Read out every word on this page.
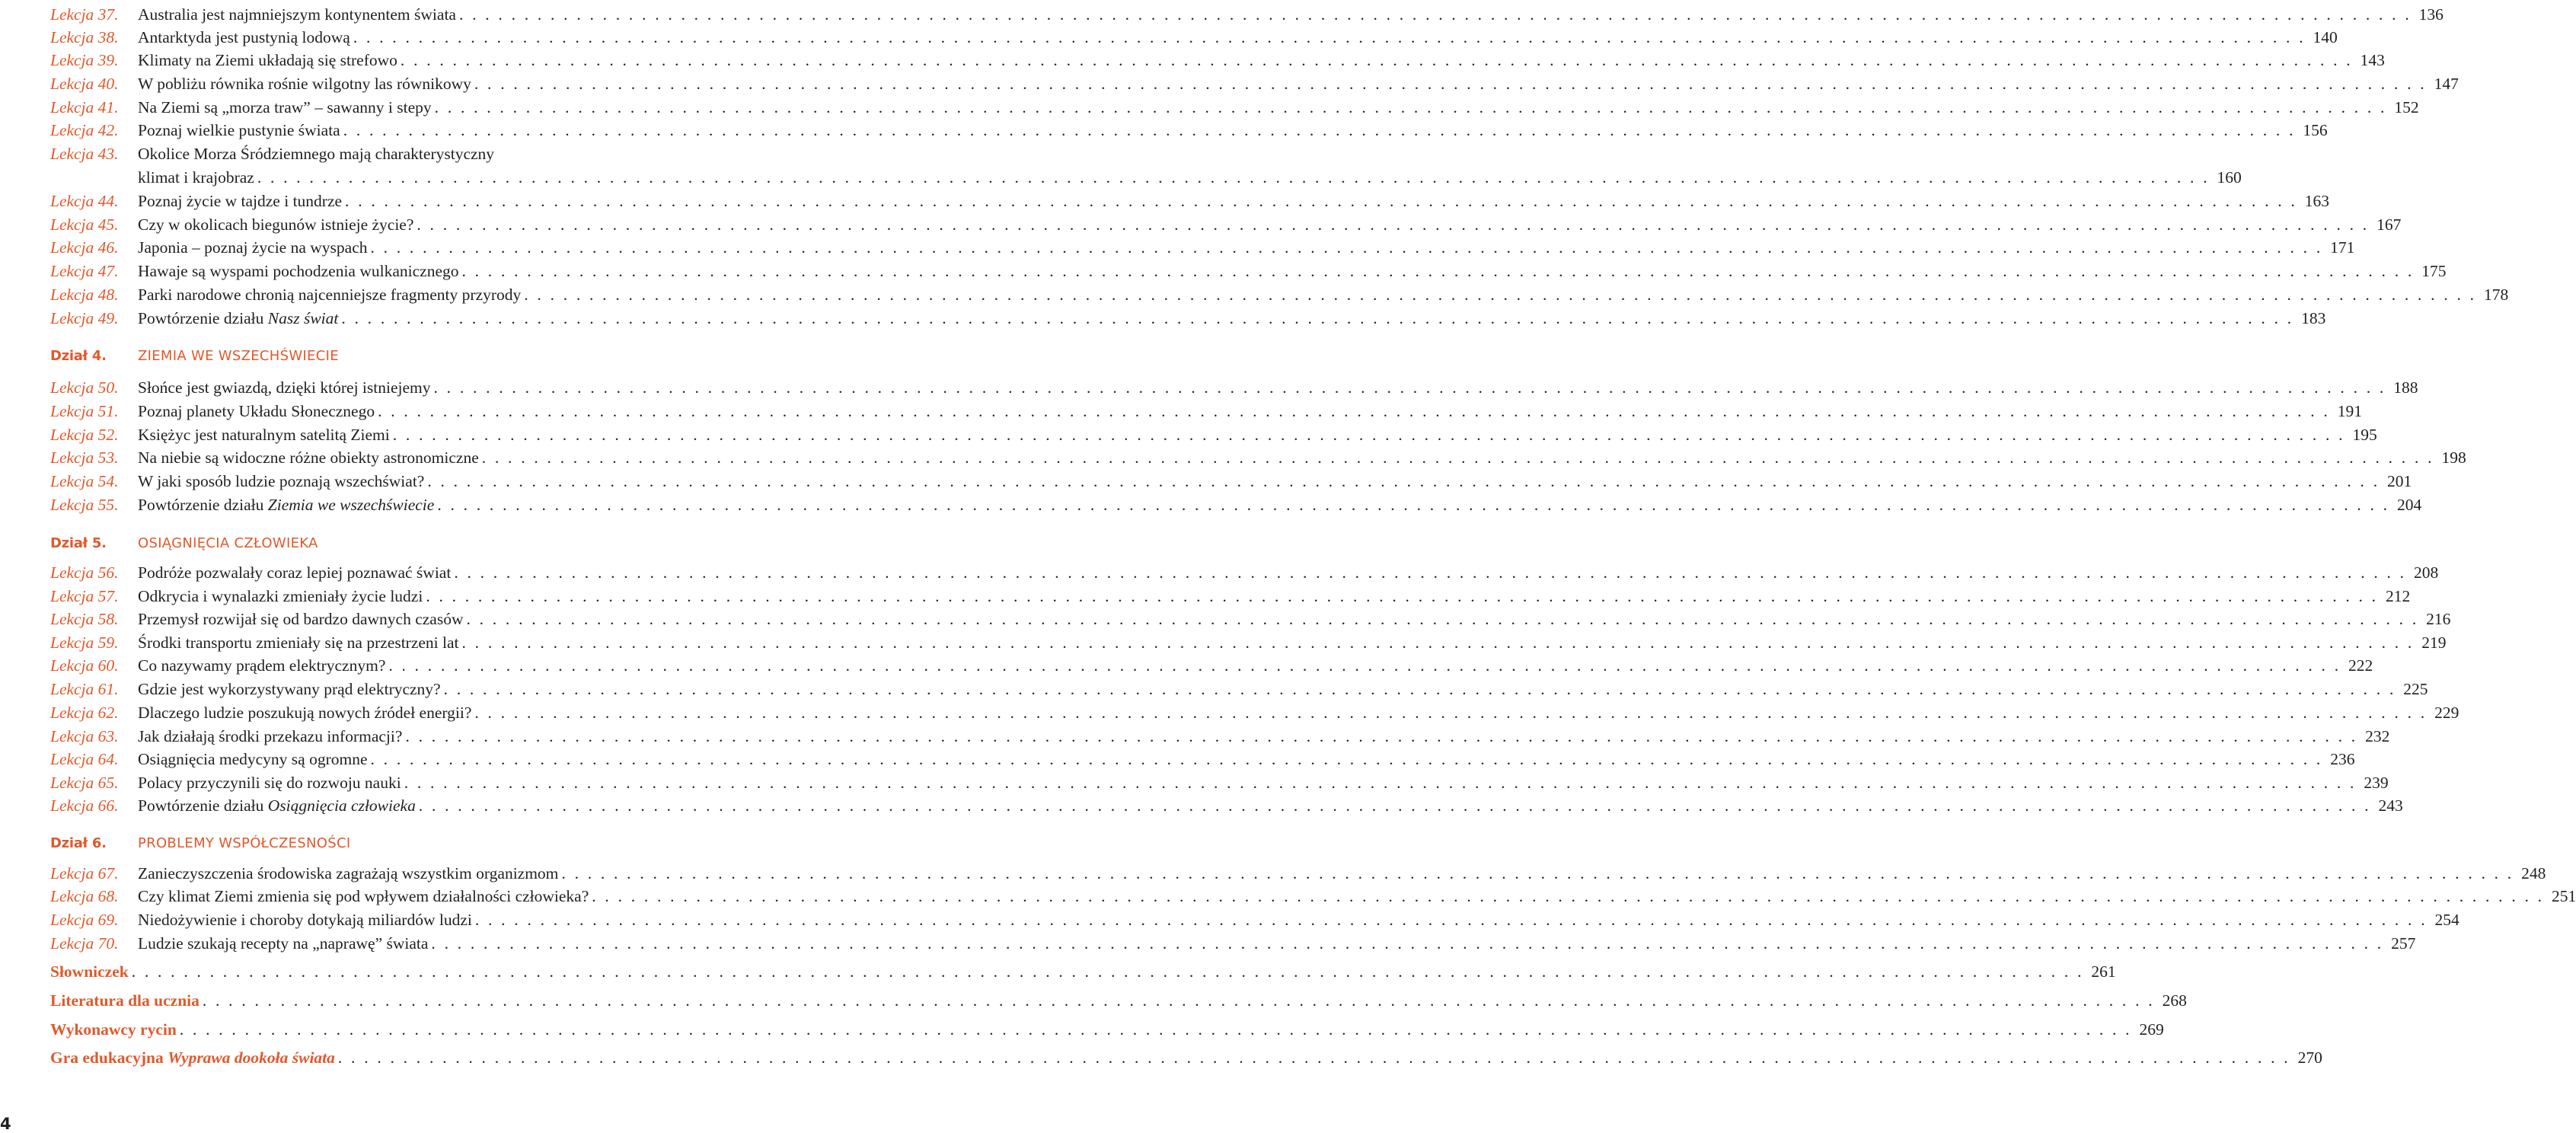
Lekcja 37. Australia jest najmniejszym kontynentem świata . . . . . . . . . . . . . . . . . . . . . . . . . . . . . . . . . . . . . . . . . . . . . . . . . . . . . . . . . . . . . . . . . . . . . . . . . . . . . . . . . . . . . . . . . . . . . . . . . . . . . . . . . . . . . . . . . . . . . . . . . . . . . . . . . . . . . . . . . . . . . . . . . . . . . . 136
Lekcja 38. Antarktyda jest pustynią lodową . . . . . . . . . . . . . . . . . . . . . . . . . . . . . . . . . . . . . . . . . . . . . . . . . . . . . . . . . . . . . . . . . . . . . . . . . . . . . . . . . . . . . . . . . . . . . . . . . . . . . . . . . . . . . . . . . . . . . . . . . . . . . . . . . . . . . . . . . . . . . . . . . . . . . . 140
Lekcja 39. Klimaty na Ziemi układają się strefowo . . . . . . . . . . . . . . . . . . . . . . . . . . . . . . . . . . . . . . . . . . . . . . . . . . . . . . . . . . . . . . . . . . . . . . . . . . . . . . . . . . . . . . . . . . . . . . . . . . . . . . . . . . . . . . . . . . . . . . . . . . . . . . . . . . . . . . . . . . . . . . . . . . . . . . 143
Lekcja 40. W pobliżu równika rośnie wilgotny las równikowy . . . . . . . . . . . . . . . . . . . . . . . . . . . . . . . . . . . . . . . . . . . . . . . . . . . . . . . . . . . . . . . . . . . . . . . . . . . . . . . . . . . . . . . . . . . . . . . . . . . . . . . . . . . . . . . . . . . . . . . . . . . . . . . . . . . . . . . . . . . . . . . . . . . . . . 147
Lekcja 41. Na Ziemi są „morza traw” – sawanny i stepy . . . . . . . . . . . . . . . . . . . . . . . . . . . . . . . . . . . . . . . . . . . . . . . . . . . . . . . . . . . . . . . . . . . . . . . . . . . . . . . . . . . . . . . . . . . . . . . . . . . . . . . . . . . . . . . . . . . . . . . . . . . . . . . . . . . . . . . . . . . . . . . . . . . . . . 152
Lekcja 42. Poznaj wielkie pustynie świata . . . . . . . . . . . . . . . . . . . . . . . . . . . . . . . . . . . . . . . . . . . . . . . . . . . . . . . . . . . . . . . . . . . . . . . . . . . . . . . . . . . . . . . . . . . . . . . . . . . . . . . . . . . . . . . . . . . . . . . . . . . . . . . . . . . . . . . . . . . . . . . . . . . . . . 156
Lekcja 43. Okolice Morza Śródziemnego mają charakterystyczny
klimat i krajobraz . . . . . . . . . . . . . . . . . . . . . . . . . . . . . . . . . . . . . . . . . . . . . . . . . . . . . . . . . . . . . . . . . . . . . . . . . . . . . . . . . . . . . . . . . . . . . . . . . . . . . . . . . . . . . . . . . . . . . . . . . . . . . . . . . . . . . . . . . . . . . . . . . . . . . . 160
Lekcja 44. Poznaj życie w tajdze i tundrze . . . . . . . . . . . . . . . . . . . . . . . . . . . . . . . . . . . . . . . . . . . . . . . . . . . . . . . . . . . . . . . . . . . . . . . . . . . . . . . . . . . . . . . . . . . . . . . . . . . . . . . . . . . . . . . . . . . . . . . . . . . . . . . . . . . . . . . . . . . . . . . . . . . . . . 163
Lekcja 45. Czy w okolicach biegunów istnieje życie? . . . . . . . . . . . . . . . . . . . . . . . . . . . . . . . . . . . . . . . . . . . . . . . . . . . . . . . . . . . . . . . . . . . . . . . . . . . . . . . . . . . . . . . . . . . . . . . . . . . . . . . . . . . . . . . . . . . . . . . . . . . . . . . . . . . . . . . . . . . . . . . . . . . . . . 167
Lekcja 46. Japonia – poznaj życie na wyspach . . . . . . . . . . . . . . . . . . . . . . . . . . . . . . . . . . . . . . . . . . . . . . . . . . . . . . . . . . . . . . . . . . . . . . . . . . . . . . . . . . . . . . . . . . . . . . . . . . . . . . . . . . . . . . . . . . . . . . . . . . . . . . . . . . . . . . . . . . . . . . . . . . . . . . 171
Lekcja 47. Hawaje są wyspami pochodzenia wulkanicznego . . . . . . . . . . . . . . . . . . . . . . . . . . . . . . . . . . . . . . . . . . . . . . . . . . . . . . . . . . . . . . . . . . . . . . . . . . . . . . . . . . . . . . . . . . . . . . . . . . . . . . . . . . . . . . . . . . . . . . . . . . . . . . . . . . . . . . . . . . . . . . . . . . . . . . 175
Lekcja 48. Parki narodowe chronią najcenniejsze fragmenty przyrody . . . . . . . . . . . . . . . . . . . . . . . . . . . . . . . . . . . . . . . . . . . . . . . . . . . . . . . . . . . . . . . . . . . . . . . . . . . . . . . . . . . . . . . . . . . . . . . . . . . . . . . . . . . . . . . . . . . . . . . . . . . . . . . . . . . . . . . . . . . . . . . . . . . . . . 178
Lekcja 49. Powtórzenie działu Nasz świat . . . . . . . . . . . . . . . . . . . . . . . . . . . . . . . . . . . . . . . . . . . . . . . . . . . . . . . . . . . . . . . . . . . . . . . . . . . . . . . . . . . . . . . . . . . . . . . . . . . . . . . . . . . . . . . . . . . . . . . . . . . . . . . . . . . . . . . . . . . . . . . . . . . . . . 183
Dział 4. ZIEMIA WE WSZECHŚWIECIE
Lekcja 50. Słońce jest gwiazdą, dzięki której istniejemy . . . . . . . . . . . . . . . . . . . . . . . . . . . . . . . . . . . . . . . . . . . . . . . . . . . . . . . . . . . . . . . . . . . . . . . . . . . . . . . . . . . . . . . . . . . . . . . . . . . . . . . . . . . . . . . . . . . . . . . . . . . . . . . . . . . . . . . . . . . . . . . . . . . . . . 188
Lekcja 51. Poznaj planety Układu Słonecznego . . . . . . . . . . . . . . . . . . . . . . . . . . . . . . . . . . . . . . . . . . . . . . . . . . . . . . . . . . . . . . . . . . . . . . . . . . . . . . . . . . . . . . . . . . . . . . . . . . . . . . . . . . . . . . . . . . . . . . . . . . . . . . . . . . . . . . . . . . . . . . . . . . . . . . 191
Lekcja 52. Księżyc jest naturalnym satelitą Ziemi . . . . . . . . . . . . . . . . . . . . . . . . . . . . . . . . . . . . . . . . . . . . . . . . . . . . . . . . . . . . . . . . . . . . . . . . . . . . . . . . . . . . . . . . . . . . . . . . . . . . . . . . . . . . . . . . . . . . . . . . . . . . . . . . . . . . . . . . . . . . . . . . . . . . . . 195
Lekcja 53. Na niebie są widoczne różne obiekty astronomiczne . . . . . . . . . . . . . . . . . . . . . . . . . . . . . . . . . . . . . . . . . . . . . . . . . . . . . . . . . . . . . . . . . . . . . . . . . . . . . . . . . . . . . . . . . . . . . . . . . . . . . . . . . . . . . . . . . . . . . . . . . . . . . . . . . . . . . . . . . . . . . . . . . . . . . . 198
Lekcja 54. W jaki sposób ludzie poznają wszechświat? . . . . . . . . . . . . . . . . . . . . . . . . . . . . . . . . . . . . . . . . . . . . . . . . . . . . . . . . . . . . . . . . . . . . . . . . . . . . . . . . . . . . . . . . . . . . . . . . . . . . . . . . . . . . . . . . . . . . . . . . . . . . . . . . . . . . . . . . . . . . . . . . . . . . . . 201
Lekcja 55. Powtórzenie działu Ziemia we wszechświecie . . . . . . . . . . . . . . . . . . . . . . . . . . . . . . . . . . . . . . . . . . . . . . . . . . . . . . . . . . . . . . . . . . . . . . . . . . . . . . . . . . . . . . . . . . . . . . . . . . . . . . . . . . . . . . . . . . . . . . . . . . . . . . . . . . . . . . . . . . . . . . . . . . . . . . 204
Dział 5. OSIĄGNIĘCIA CZŁOWIEKA
Lekcja 56. Podróże pozwalały coraz lepiej poznawać świat . . . . . . . . . . . . . . . . . . . . . . . . . . . . . . . . . . . . . . . . . . . . . . . . . . . . . . . . . . . . . . . . . . . . . . . . . . . . . . . . . . . . . . . . . . . . . . . . . . . . . . . . . . . . . . . . . . . . . . . . . . . . . . . . . . . . . . . . . . . . . . . . . . . . . . 208
Lekcja 57. Odkrycia i wynalazki zmieniały życie ludzi . . . . . . . . . . . . . . . . . . . . . . . . . . . . . . . . . . . . . . . . . . . . . . . . . . . . . . . . . . . . . . . . . . . . . . . . . . . . . . . . . . . . . . . . . . . . . . . . . . . . . . . . . . . . . . . . . . . . . . . . . . . . . . . . . . . . . . . . . . . . . . . . . . . . . . 212
Lekcja 58. Przemysł rozwijał się od bardzo dawnych czasów . . . . . . . . . . . . . . . . . . . . . . . . . . . . . . . . . . . . . . . . . . . . . . . . . . . . . . . . . . . . . . . . . . . . . . . . . . . . . . . . . . . . . . . . . . . . . . . . . . . . . . . . . . . . . . . . . . . . . . . . . . . . . . . . . . . . . . . . . . . . . . . . . . . . . . 216
Lekcja 59. Środki transportu zmieniały się na przestrzeni lat . . . . . . . . . . . . . . . . . . . . . . . . . . . . . . . . . . . . . . . . . . . . . . . . . . . . . . . . . . . . . . . . . . . . . . . . . . . . . . . . . . . . . . . . . . . . . . . . . . . . . . . . . . . . . . . . . . . . . . . . . . . . . . . . . . . . . . . . . . . . . . . . . . . . . . 219
Lekcja 60. Co nazywamy prądem elektrycznym? . . . . . . . . . . . . . . . . . . . . . . . . . . . . . . . . . . . . . . . . . . . . . . . . . . . . . . . . . . . . . . . . . . . . . . . . . . . . . . . . . . . . . . . . . . . . . . . . . . . . . . . . . . . . . . . . . . . . . . . . . . . . . . . . . . . . . . . . . . . . . . . . . . . . . . 222
Lekcja 61. Gdzie jest wykorzystywany prąd elektryczny? . . . . . . . . . . . . . . . . . . . . . . . . . . . . . . . . . . . . . . . . . . . . . . . . . . . . . . . . . . . . . . . . . . . . . . . . . . . . . . . . . . . . . . . . . . . . . . . . . . . . . . . . . . . . . . . . . . . . . . . . . . . . . . . . . . . . . . . . . . . . . . . . . . . . . . 225
Lekcja 62. Dlaczego ludzie poszukują nowych źródeł energii? . . . . . . . . . . . . . . . . . . . . . . . . . . . . . . . . . . . . . . . . . . . . . . . . . . . . . . . . . . . . . . . . . . . . . . . . . . . . . . . . . . . . . . . . . . . . . . . . . . . . . . . . . . . . . . . . . . . . . . . . . . . . . . . . . . . . . . . . . . . . . . . . . . . . . . 229
Lekcja 63. Jak działają środki przekazu informacji? . . . . . . . . . . . . . . . . . . . . . . . . . . . . . . . . . . . . . . . . . . . . . . . . . . . . . . . . . . . . . . . . . . . . . . . . . . . . . . . . . . . . . . . . . . . . . . . . . . . . . . . . . . . . . . . . . . . . . . . . . . . . . . . . . . . . . . . . . . . . . . . . . . . . . . 232
Lekcja 64. Osiągnięcia medycyny są ogromne . . . . . . . . . . . . . . . . . . . . . . . . . . . . . . . . . . . . . . . . . . . . . . . . . . . . . . . . . . . . . . . . . . . . . . . . . . . . . . . . . . . . . . . . . . . . . . . . . . . . . . . . . . . . . . . . . . . . . . . . . . . . . . . . . . . . . . . . . . . . . . . . . . . . . . 236
Lekcja 65. Polacy przyczynili się do rozwoju nauki . . . . . . . . . . . . . . . . . . . . . . . . . . . . . . . . . . . . . . . . . . . . . . . . . . . . . . . . . . . . . . . . . . . . . . . . . . . . . . . . . . . . . . . . . . . . . . . . . . . . . . . . . . . . . . . . . . . . . . . . . . . . . . . . . . . . . . . . . . . . . . . . . . . . . . 239
Lekcja 66. Powtórzenie działu Osiągnięcia człowieka . . . . . . . . . . . . . . . . . . . . . . . . . . . . . . . . . . . . . . . . . . . . . . . . . . . . . . . . . . . . . . . . . . . . . . . . . . . . . . . . . . . . . . . . . . . . . . . . . . . . . . . . . . . . . . . . . . . . . . . . . . . . . . . . . . . . . . . . . . . . . . . . . . . . . . 243
Dział 6. PROBLEMY WSPÓŁCZESNOŚCI
Lekcja 67. Zanieczyszczenia środowiska zagrażają wszystkim organizmom . . . . . . . . . . . . . . . . . . . . . . . . . . . . . . . . . . . . . . . . . . . . . . . . . . . . . . . . . . . . . . . . . . . . . . . . . . . . . . . . . . . . . . . . . . . . . . . . . . . . . . . . . . . . . . . . . . . . . . . . . . . . . . . . . . . . . . . . . . . . . . . . . . . . . . 248
Lekcja 68. Czy klimat Ziemi zmienia się pod wpływem działalności człowieka? . . . . . . . . . . . . . . . . . . . . . . . . . . . . . . . . . . . . . . . . . . . . . . . . . . . . . . . . . . . . . . . . . . . . . . . . . . . . . . . . . . . . . . . . . . . . . . . . . . . . . . . . . . . . . . . . . . . . . . . . . . . . . . . . . . . . . . . . . . . . . . . . . . . . . . 251
Lekcja 69. Niedożywienie i choroby dotykają miliardów ludzi . . . . . . . . . . . . . . . . . . . . . . . . . . . . . . . . . . . . . . . . . . . . . . . . . . . . . . . . . . . . . . . . . . . . . . . . . . . . . . . . . . . . . . . . . . . . . . . . . . . . . . . . . . . . . . . . . . . . . . . . . . . . . . . . . . . . . . . . . . . . . . . . . . . . . . 254
Lekcja 70. Ludzie szukają recepty na „naprawę” świata . . . . . . . . . . . . . . . . . . . . . . . . . . . . . . . . . . . . . . . . . . . . . . . . . . . . . . . . . . . . . . . . . . . . . . . . . . . . . . . . . . . . . . . . . . . . . . . . . . . . . . . . . . . . . . . . . . . . . . . . . . . . . . . . . . . . . . . . . . . . . . . . . . . . . . 257
Słowniczek . . . . . . . . . . . . . . . . . . . . . . . . . . . . . . . . . . . . . . . . . . . . . . . . . . . . . . . . . . . . . . . . . . . . . . . . . . . . . . . . . . . . . . . . . . . . . . . . . . . . . . . . . . . . . . . . . . . . . . . . . . . . . . . . . . . . . . . . . . . . . . . . . . . . . . 261
Literatura dla ucznia . . . . . . . . . . . . . . . . . . . . . . . . . . . . . . . . . . . . . . . . . . . . . . . . . . . . . . . . . . . . . . . . . . . . . . . . . . . . . . . . . . . . . . . . . . . . . . . . . . . . . . . . . . . . . . . . . . . . . . . . . . . . . . . . . . . . . . . . . . . . . . . . . . . . . . 268
Wykonawcy rycin . . . . . . . . . . . . . . . . . . . . . . . . . . . . . . . . . . . . . . . . . . . . . . . . . . . . . . . . . . . . . . . . . . . . . . . . . . . . . . . . . . . . . . . . . . . . . . . . . . . . . . . . . . . . . . . . . . . . . . . . . . . . . . . . . . . . . . . . . . . . . . . . . . . . . . 269
Gra edukacyjna Wyprawa dookoła świata . . . . . . . . . . . . . . . . . . . . . . . . . . . . . . . . . . . . . . . . . . . . . . . . . . . . . . . . . . . . . . . . . . . . . . . . . . . . . . . . . . . . . . . . . . . . . . . . . . . . . . . . . . . . . . . . . . . . . . . . . . . . . . . . . . . . . . . . . . . . . . . . . . . . . . 270
4
